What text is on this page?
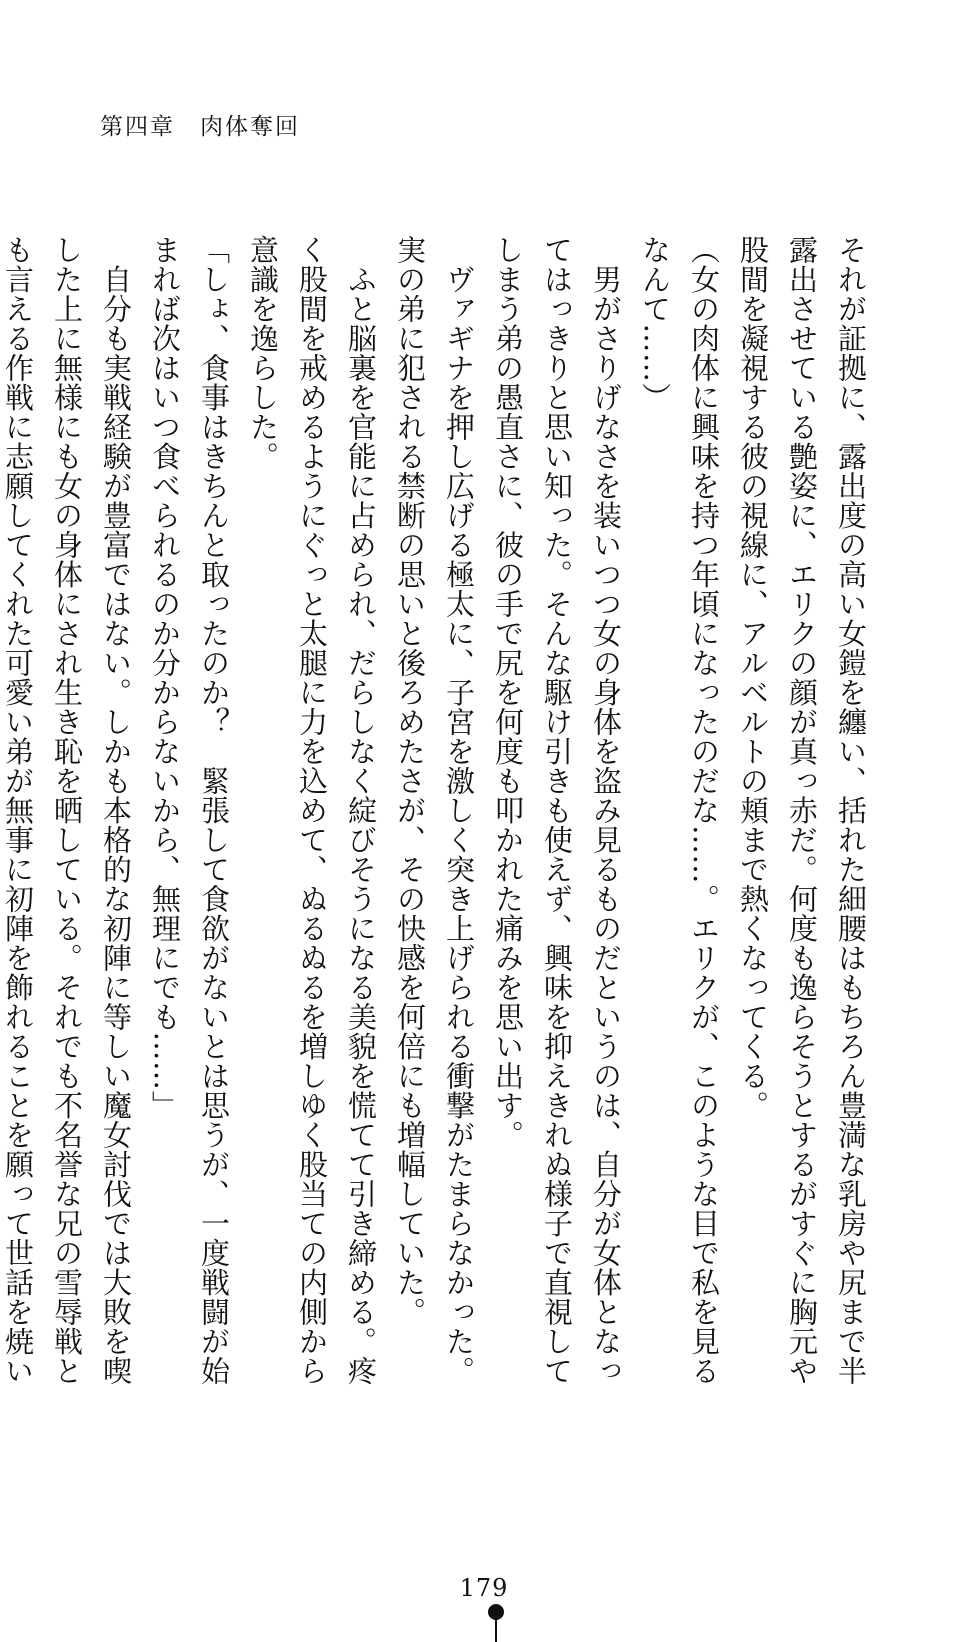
第四章　肉体奪回

それが証拠に、露出度の高い女鎧を纏い、括れた細腰はもちろん豊満な乳房や尻まで半露出させている艶姿に、エリクの顔が真っ赤だ。何度も逸らそうとするがすぐに胸元や股間を凝視する彼の視線に、アルベルトの頬まで熱くなってくる。

（女の肉体に興味を持つ年頃になったのだな……。エリクが、このような目で私を見るなんて……）

　男がさりげなさを装いつつ女の身体を盗み見るものだというのは、自分が女体となってはっきりと思い知った。そんな駆け引きも使えず、興味を抑えきれぬ様子で直視してしまう弟の愚直さに、彼の手で尻を何度も叩かれた痛みを思い出す。

　ヴァギナを押し広げる極太に、子宮を激しく突き上げられる衝撃がたまらなかった。実の弟に犯される禁断の思いと後ろめたさが、その快感を何倍にも増幅していた。

　ふと脳裏を官能に占められ、だらしなく綻びそうになる美貌を慌てて引き締める。疼く股間を戒めるようにぐっと太腿に力を込めて、ぬるぬるを増しゆく股当ての内側から意識を逸らした。

「しょ、食事はきちんと取ったのか？　緊張して食欲がないとは思うが、一度戦闘が始まれば次はいつ食べられるのか分からないから、無理にでも……」

　自分も実戦経験が豊富ではない。しかも本格的な初陣に等しい魔女討伐では大敗を喫した上に無様にも女の身体にされ生き恥を晒している。それでも不名誉な兄の雪辱戦とも言える作戦に志願してくれた可愛い弟が無事に初陣を飾れることを願って世話を焼い

179
